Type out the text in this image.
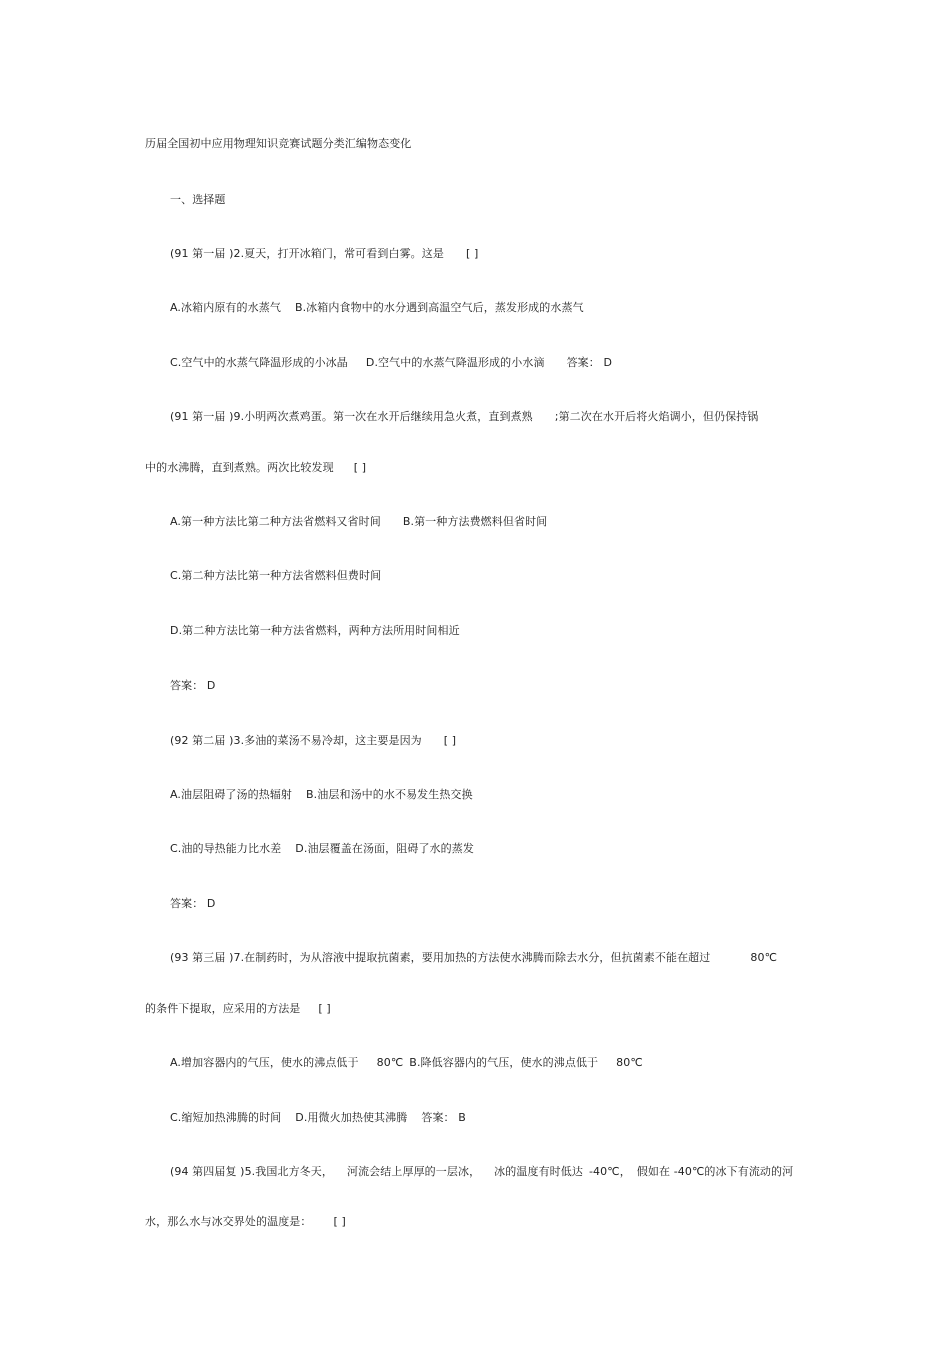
历届全国初中应用物理知识竞赛试题分类汇编物态变化
一、选择题
(91 第一届 )2.夏天，打开冰箱门，常可看到白雾。这是 [ ]
A.冰箱内原有的水蒸气 B.冰箱内食物中的水分遇到高温空气后，蒸发形成的水蒸气
C.空气中的水蒸气降温形成的小冰晶 D.空气中的水蒸气降温形成的小水滴 答案： D
(91 第一届 )9.小明两次煮鸡蛋。第一次在水开后继续用急火煮，直到煮熟 ;第二次在水开后将火焰调小，但仍保持锅
中的水沸腾，直到煮熟。两次比较发现 [ ]
A.第一种方法比第二种方法省燃料又省时间 B.第一种方法费燃料但省时间
C.第二种方法比第一种方法省燃料但费时间
D.第二种方法比第一种方法省燃料，两种方法所用时间相近
答案： D
(92 第二届 )3.多油的菜汤不易冷却，这主要是因为 [ ]
A.油层阻碍了汤的热辐射 B.油层和汤中的水不易发生热交换
C.油的导热能力比水差 D.油层覆盖在汤面，阻碍了水的蒸发
答案： D
(93 第三届 )7.在制药时，为从溶液中提取抗菌素，要用加热的方法使水沸腾而除去水分，但抗菌素不能在超过	80℃
的条件下提取，应采用的方法是 [ ]
A.增加容器内的气压，使水的沸点低于 80℃ B.降低容器内的气压，使水的沸点低于 80℃
C.缩短加热沸腾的时间 D.用微火加热使其沸腾 答案： B
(94 第四届复 )5.我国北方冬天， 河流会结上厚厚的一层冰， 冰的温度有时低达 -40℃， 假如在 -40℃的冰下有流动的河
水，那么水与冰交界处的温度是： [ ]
